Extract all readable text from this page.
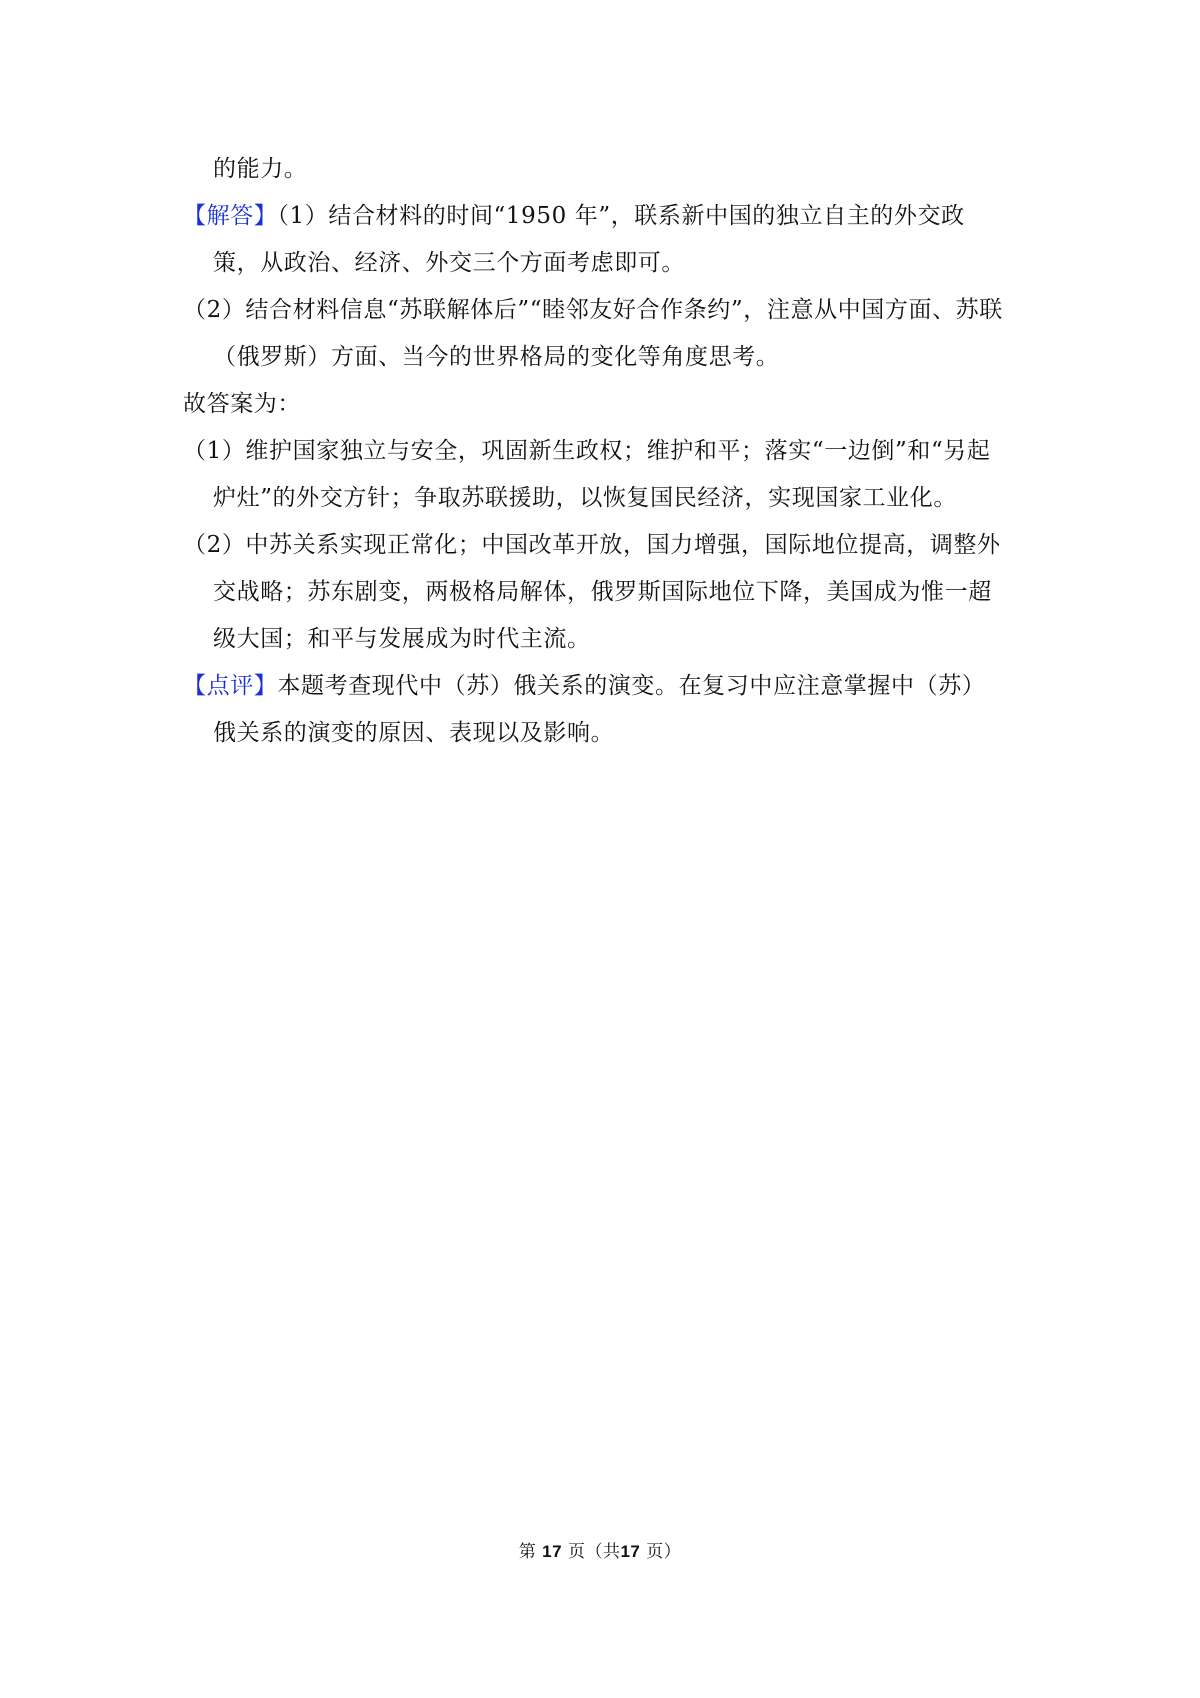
的能力。
【解答】（1）结合材料的时间“1950 年”，联系新中国的独立自主的外交政
策，从政治、经济、外交三个方面考虑即可。
（2）结合材料信息“苏联解体后”“睦邻友好合作条约”，注意从中国方面、苏联
（俄罗斯）方面、当今的世界格局的变化等角度思考。
故答案为：
（1）维护国家独立与安全，巩固新生政权；维护和平；落实“一边倒”和“另起
炉灶”的外交方针；争取苏联援助，以恢复国民经济，实现国家工业化。
（2）中苏关系实现正常化；中国改革开放，国力增强，国际地位提高，调整外
交战略；苏东剧变，两极格局解体，俄罗斯国际地位下降，美国成为惟一超
级大国；和平与发展成为时代主流。
【点评】本题考查现代中（苏）俄关系的演变。在复习中应注意掌握中（苏）
俄关系的演变的原因、表现以及影响。
第 17 页（共17 页）
